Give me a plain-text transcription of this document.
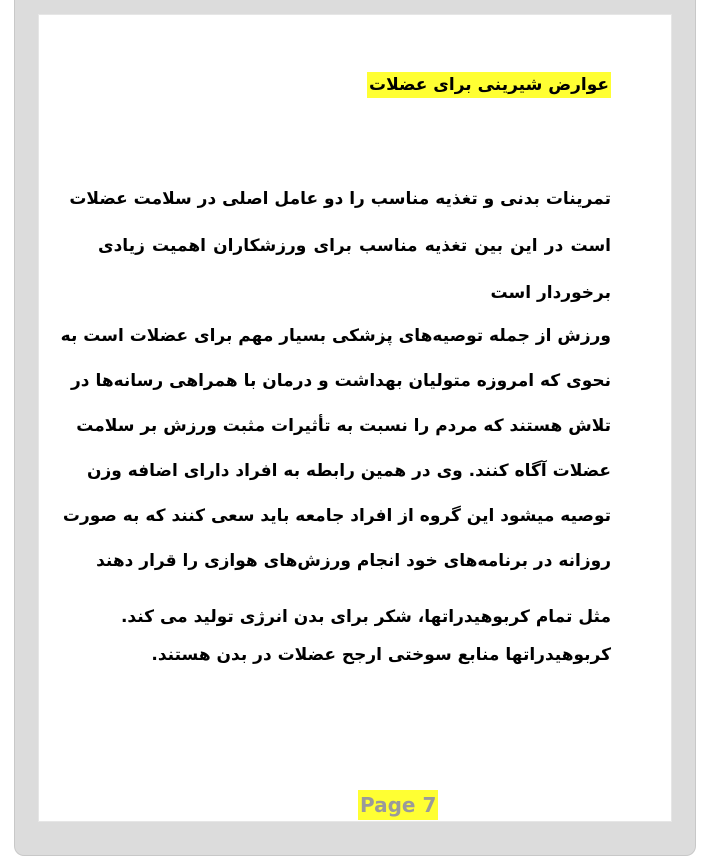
عوارض شیرینی برای عضلات
تمرینات بدنی و تغذیه مناسب را دو عامل اصلی در سلامت عضلات
است در این بین تغذیه مناسب برای ورزشکاران اهمیت زیادی
برخوردار است
ورزش از جمله توصیه‌های پزشکی بسیار مهم برای عضلات است به
نحوی که امروزه متولیان بهداشت و درمان با همراهی رسانه‌ها در
تلاش هستند که مردم را نسبت به تأثیرات مثبت ورزش بر سلامت
عضلات آگاه کنند. وی در همین رابطه به افراد دارای اضافه وزن
توصیه میشود این گروه از افراد جامعه باید سعی کنند که به صورت
روزانه در برنامه‌های خود انجام ورزش‌های هوازی را قرار دهند
مثل تمام کربوهیدراتها، شکر برای بدن انرژی تولید می کند.
کربوهیدراتها منابع سوختی ارجح عضلات در بدن هستند.
Page 7
